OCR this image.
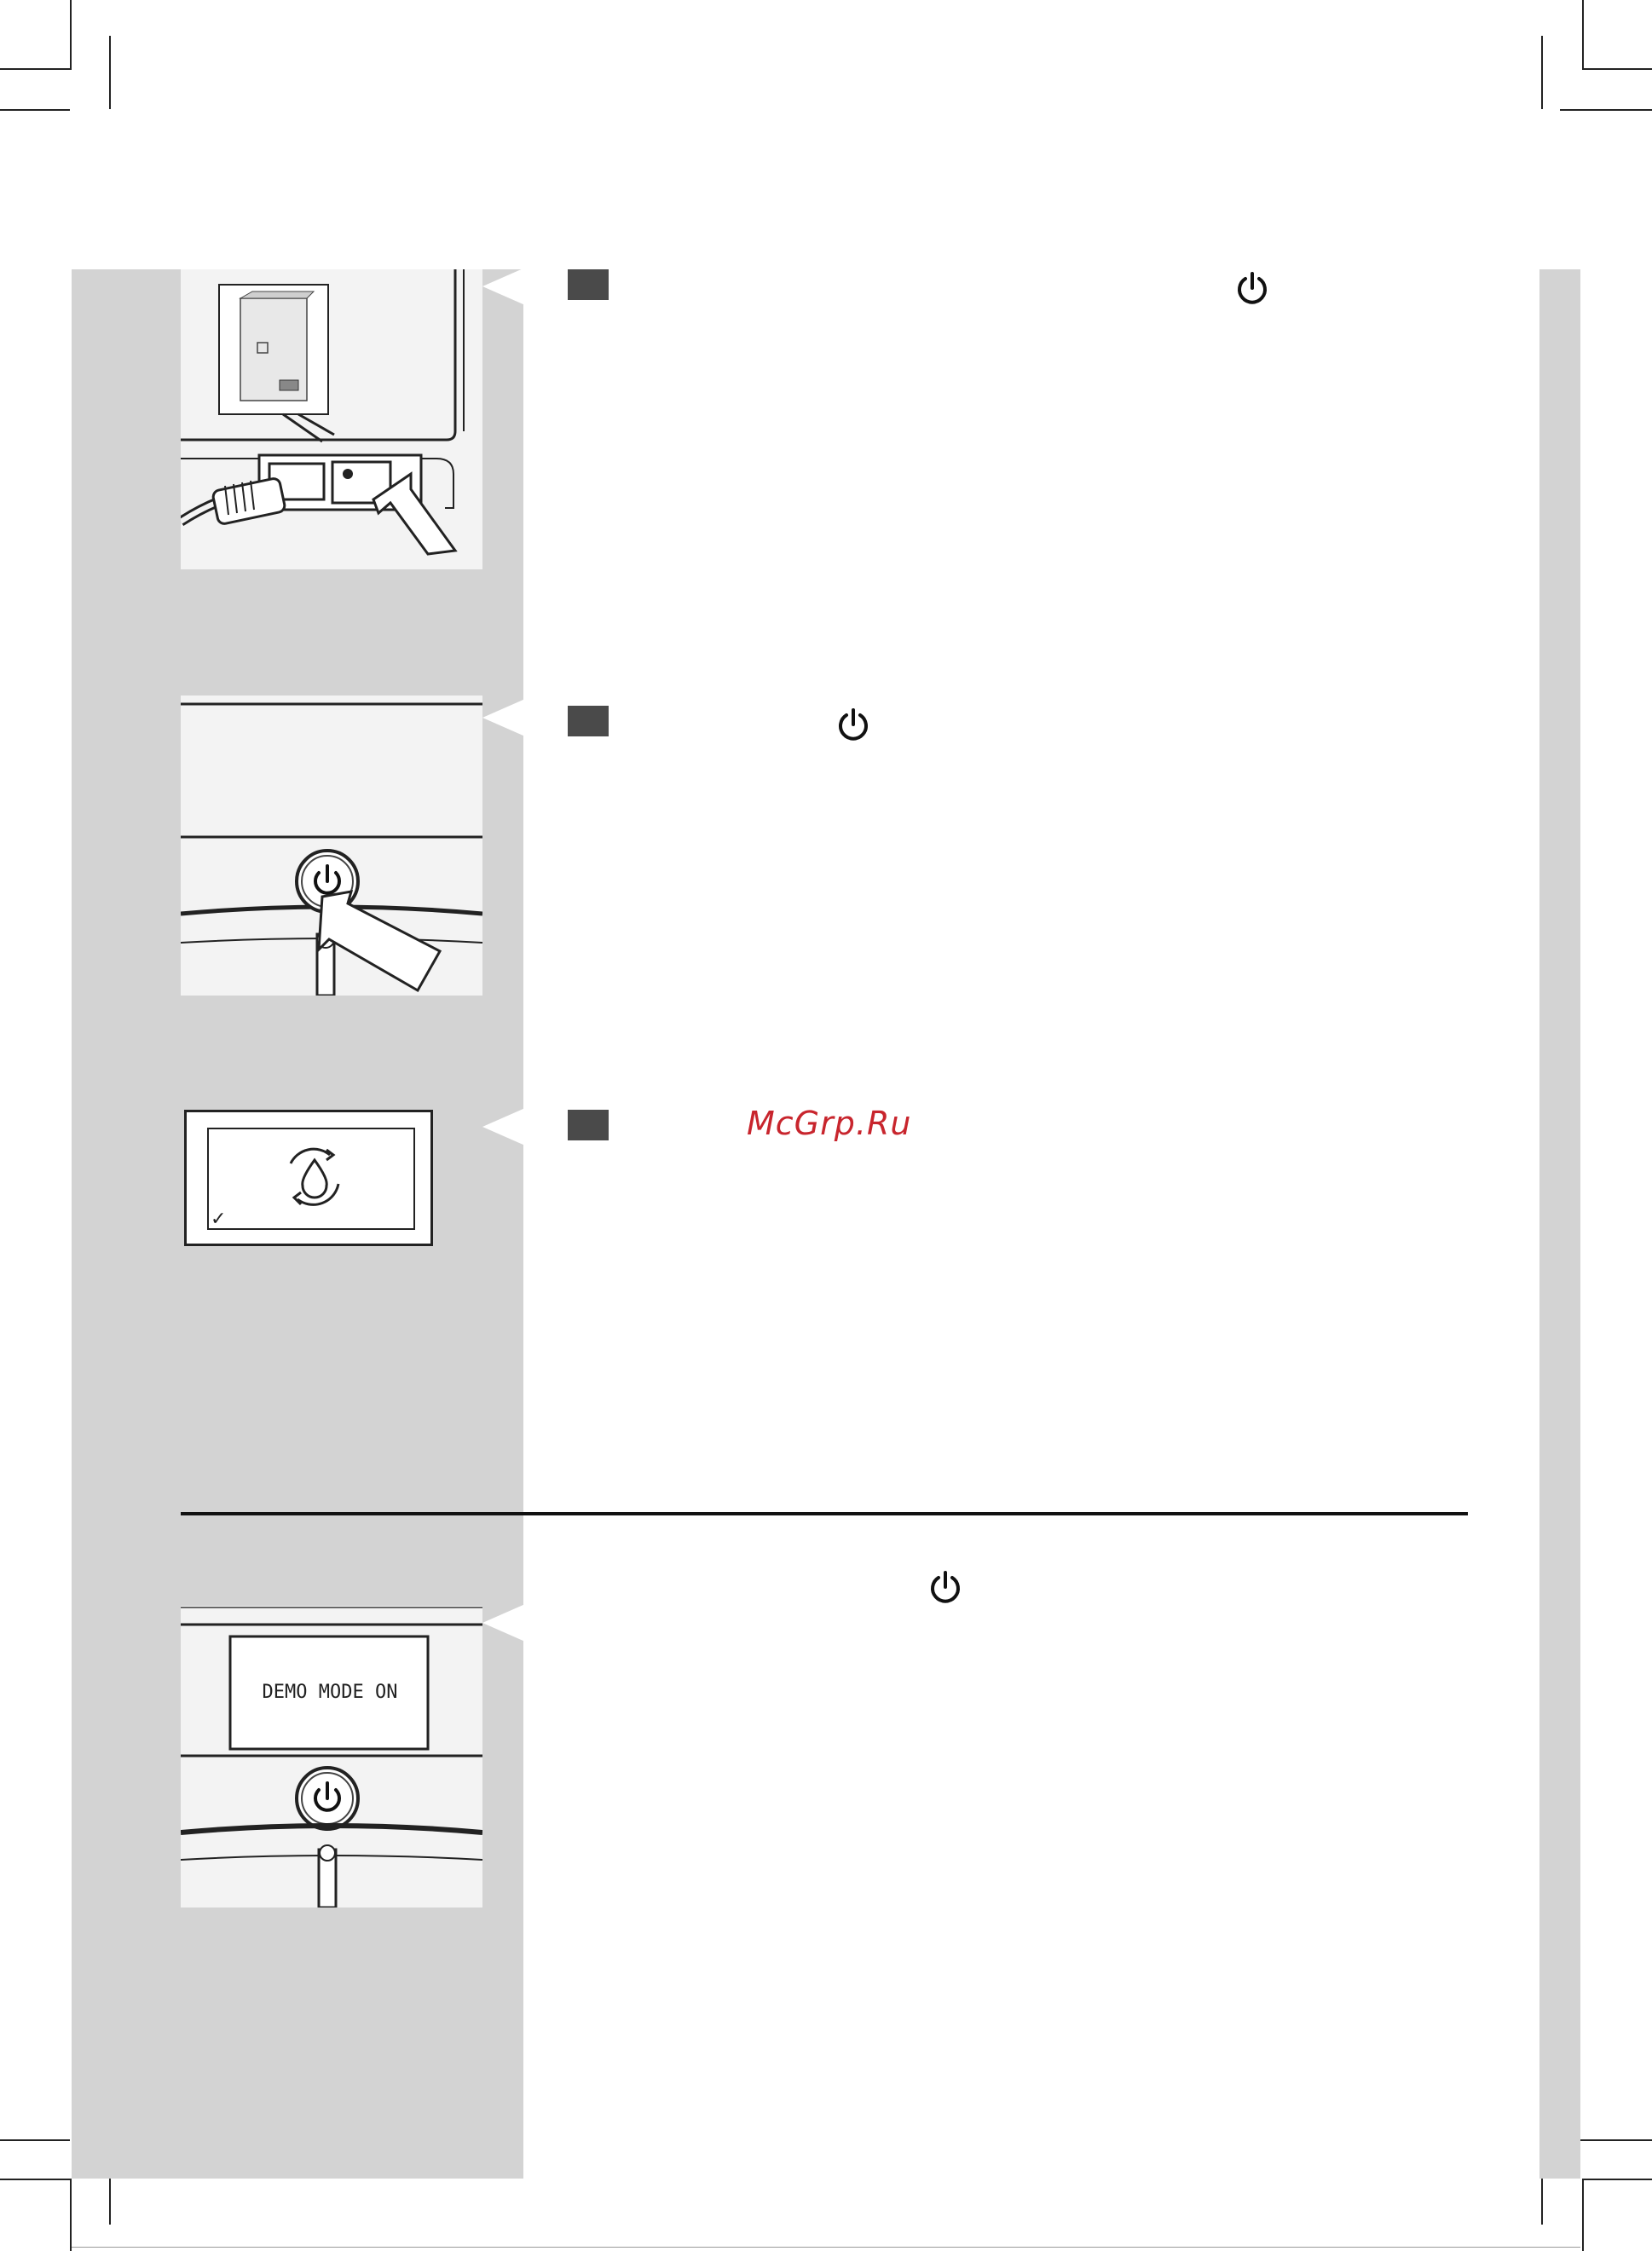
✓
McGrp.Ru
DEMO MODE ON
